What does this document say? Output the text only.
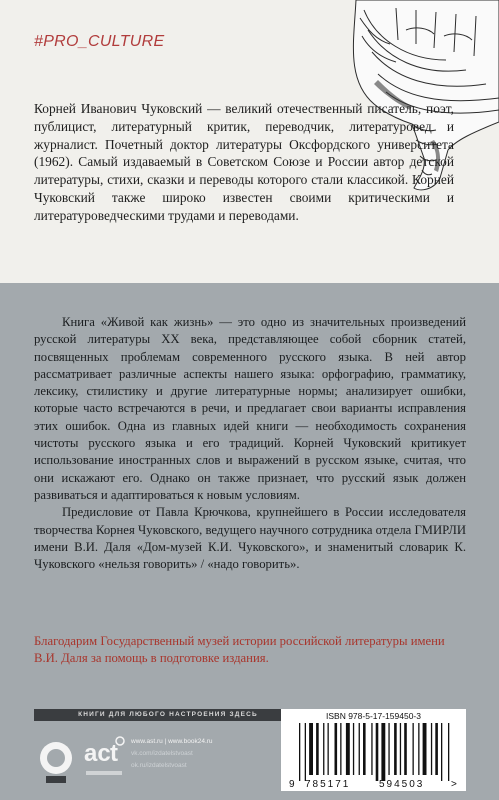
﻿
#PRO_CULTURE
Корней Иванович Чуковский — великий отечественный писатель, поэт, публицист, литературный критик, переводчик, литературовед и журналист. Почетный доктор литературы Оксфордского университета (1962). Самый издаваемый в Советском Союзе и России автор детской литературы, стихи, сказки и переводы которого стали классикой. Корней Чуковский также широко известен своими критическими и литературоведческими трудами и переводами.

Книга «Живой как жизнь» — это одно из значительных произведений русской литературы XX века, представляющее собой сборник статей, посвященных проблемам современного русского языка. В ней автор рассматривает различные аспекты нашего языка: орфографию, грамматику, лексику, стилистику и другие литературные нормы; анализирует ошибки, которые часто встречаются в речи, и предлагает свои варианты исправления этих ошибок. Одна из главных идей книги — необходимость сохранения чистоты русского языка и его традиций. Корней Чуковский критикует использование иностранных слов и выражений в русском языке, считая, что они искажают его. Однако он также признает, что русский язык должен развиваться и адаптироваться к новым условиям.

Предисловие от Павла Крючкова, крупнейшего в России исследователя творчества Корнея Чуковского, ведущего научного сотрудника отдела ГМИРЛИ имени В.И. Даля «Дом-музей К.И. Чуковского», и знаменитый словарик К. Чуковского «нельзя говорить» / «надо говорить».

Благодарим Государственный музей истории российской литературы имени В.И. Даля за помощь в подготовке издания.
КНИГИ ДЛЯ ЛЮБОГО НАСТРОЕНИЯ ЗДЕСЬ
ac t www.ast.ru | www.book24.ru
vk.com/izdatelstvoast
ok.ru/izdatelstvoast
ISBN 978-5-17-159450-3
9 785171	594503	>
